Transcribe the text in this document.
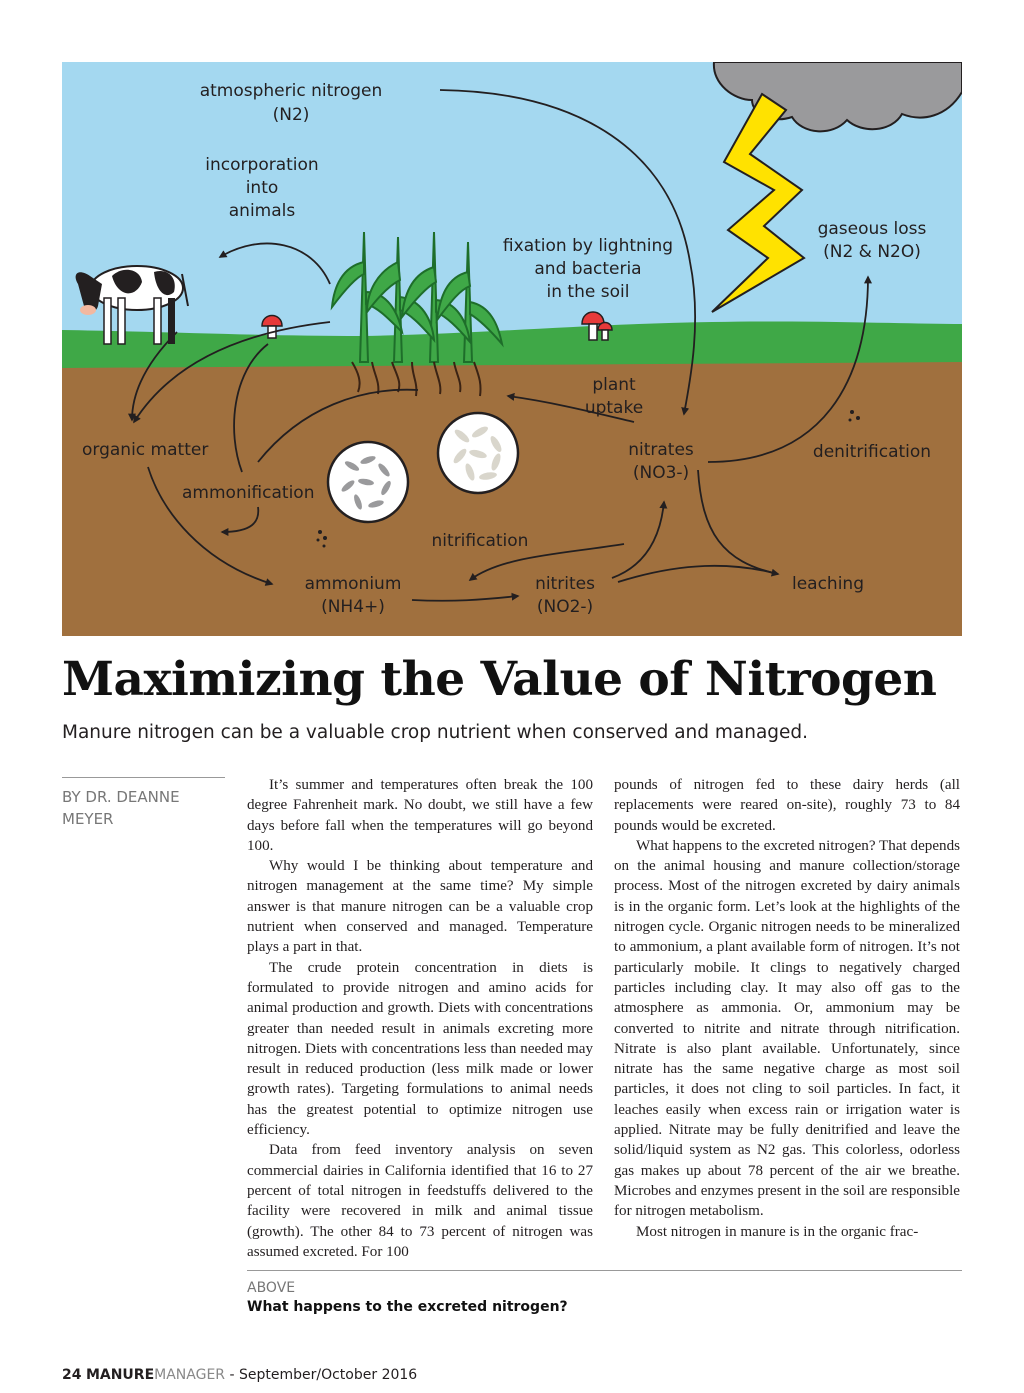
atmospheric nitrogen
(N2)
incorporation
into
animals
fixation by lightning
and bacteria
in the soil
gaseous loss
(N2 & N2O)
plant
uptake
organic matter	nitrates
(NO3-)
denitrification
ammonification
nitrification
ammonium
(NH4+)
nitrites
(NO2-)
leaching
Maximizing the Value of Nitrogen
Manure nitrogen can be a valuable crop nutrient when conserved and managed.
BY DR. DEANNE MEYER

It’s summer and temperatures often break the 100 degree Fahrenheit mark. No doubt, we still have a few days before fall when the temperatures will go beyond 100.

Why would I be thinking about temperature and nitrogen management at the same time? My simple answer is that manure nitrogen can be a valuable crop nutrient when conserved and managed. Temperature plays a part in that.

The crude protein concentration in diets is formulated to provide nitrogen and amino acids for animal production and growth. Diets with concentrations greater than needed result in animals excreting more nitrogen. Diets with concentrations less than needed may result in reduced production (less milk made or lower growth rates). Targeting formulations to animal needs has the greatest potential to optimize nitrogen use efficiency.

Data from feed inventory analysis on seven commercial dairies in California identified that 16 to 27 percent of total nitrogen in feedstuffs delivered to the facility were recovered in milk and animal tissue (growth). The other 84 to 73 percent of nitrogen was assumed excreted. For 100

pounds of nitrogen fed to these dairy herds (all replacements were reared on-site), roughly 73 to 84 pounds would be excreted.

What happens to the excreted nitrogen? That depends on the animal housing and manure collection/storage process. Most of the nitrogen excreted by dairy animals is in the organic form. Let’s look at the highlights of the nitrogen cycle. Organic nitrogen needs to be mineralized to ammonium, a plant available form of nitrogen. It’s not particularly mobile. It clings to negatively charged particles including clay. It may also off gas to the atmosphere as ammonia. Or, ammonium may be converted to nitrite and nitrate through nitrification. Nitrate is also plant available. Unfortunately, since nitrate has the same negative charge as most soil particles, it does not cling to soil particles. In fact, it leaches easily when excess rain or irrigation water is applied. Nitrate may be fully denitrified and leave the solid/liquid system as N2 gas. This colorless, odorless gas makes up about 78 percent of the air we breathe. Microbes and enzymes present in the soil are responsible for nitrogen metabolism.

Most nitrogen in manure is in the organic frac-

ABOVE
What happens to the excreted nitrogen?
24 MANUREMANAGER - September/October 2016
